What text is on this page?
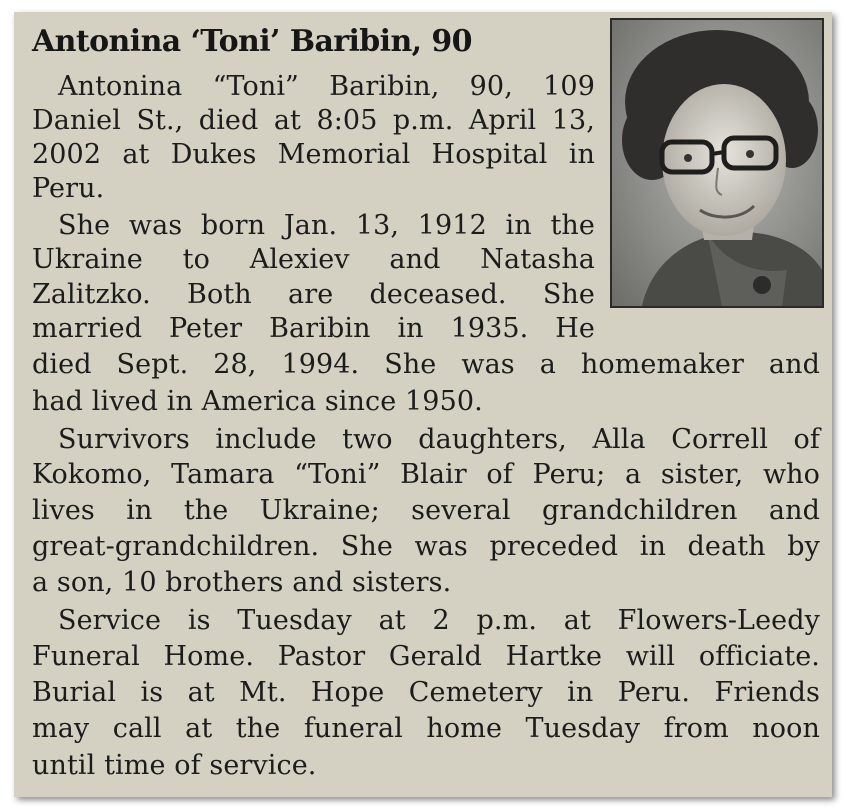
Antonina ‘Toni’ Baribin, 90

Antonina “Toni” Baribin, 90, 109

Daniel St., died at 8:05 p.m. April 13,

2002 at Dukes Memorial Hospital in

Peru.

She was born Jan. 13, 1912 in the

Ukraine to Alexiev and Natasha

Zalitzko. Both are deceased. She

married Peter Baribin in 1935. He

died Sept. 28, 1994. She was a homemaker and

had lived in America since 1950.

Survivors include two daughters, Alla Correll of

Kokomo, Tamara “Toni” Blair of Peru; a sister, who

lives in the Ukraine; several grandchildren and

great-grandchildren. She was preceded in death by

a son, 10 brothers and sisters.

Service is Tuesday at 2 p.m. at Flowers-Leedy

Funeral Home. Pastor Gerald Hartke will officiate.

Burial is at Mt. Hope Cemetery in Peru. Friends

may call at the funeral home Tuesday from noon

until time of service.
